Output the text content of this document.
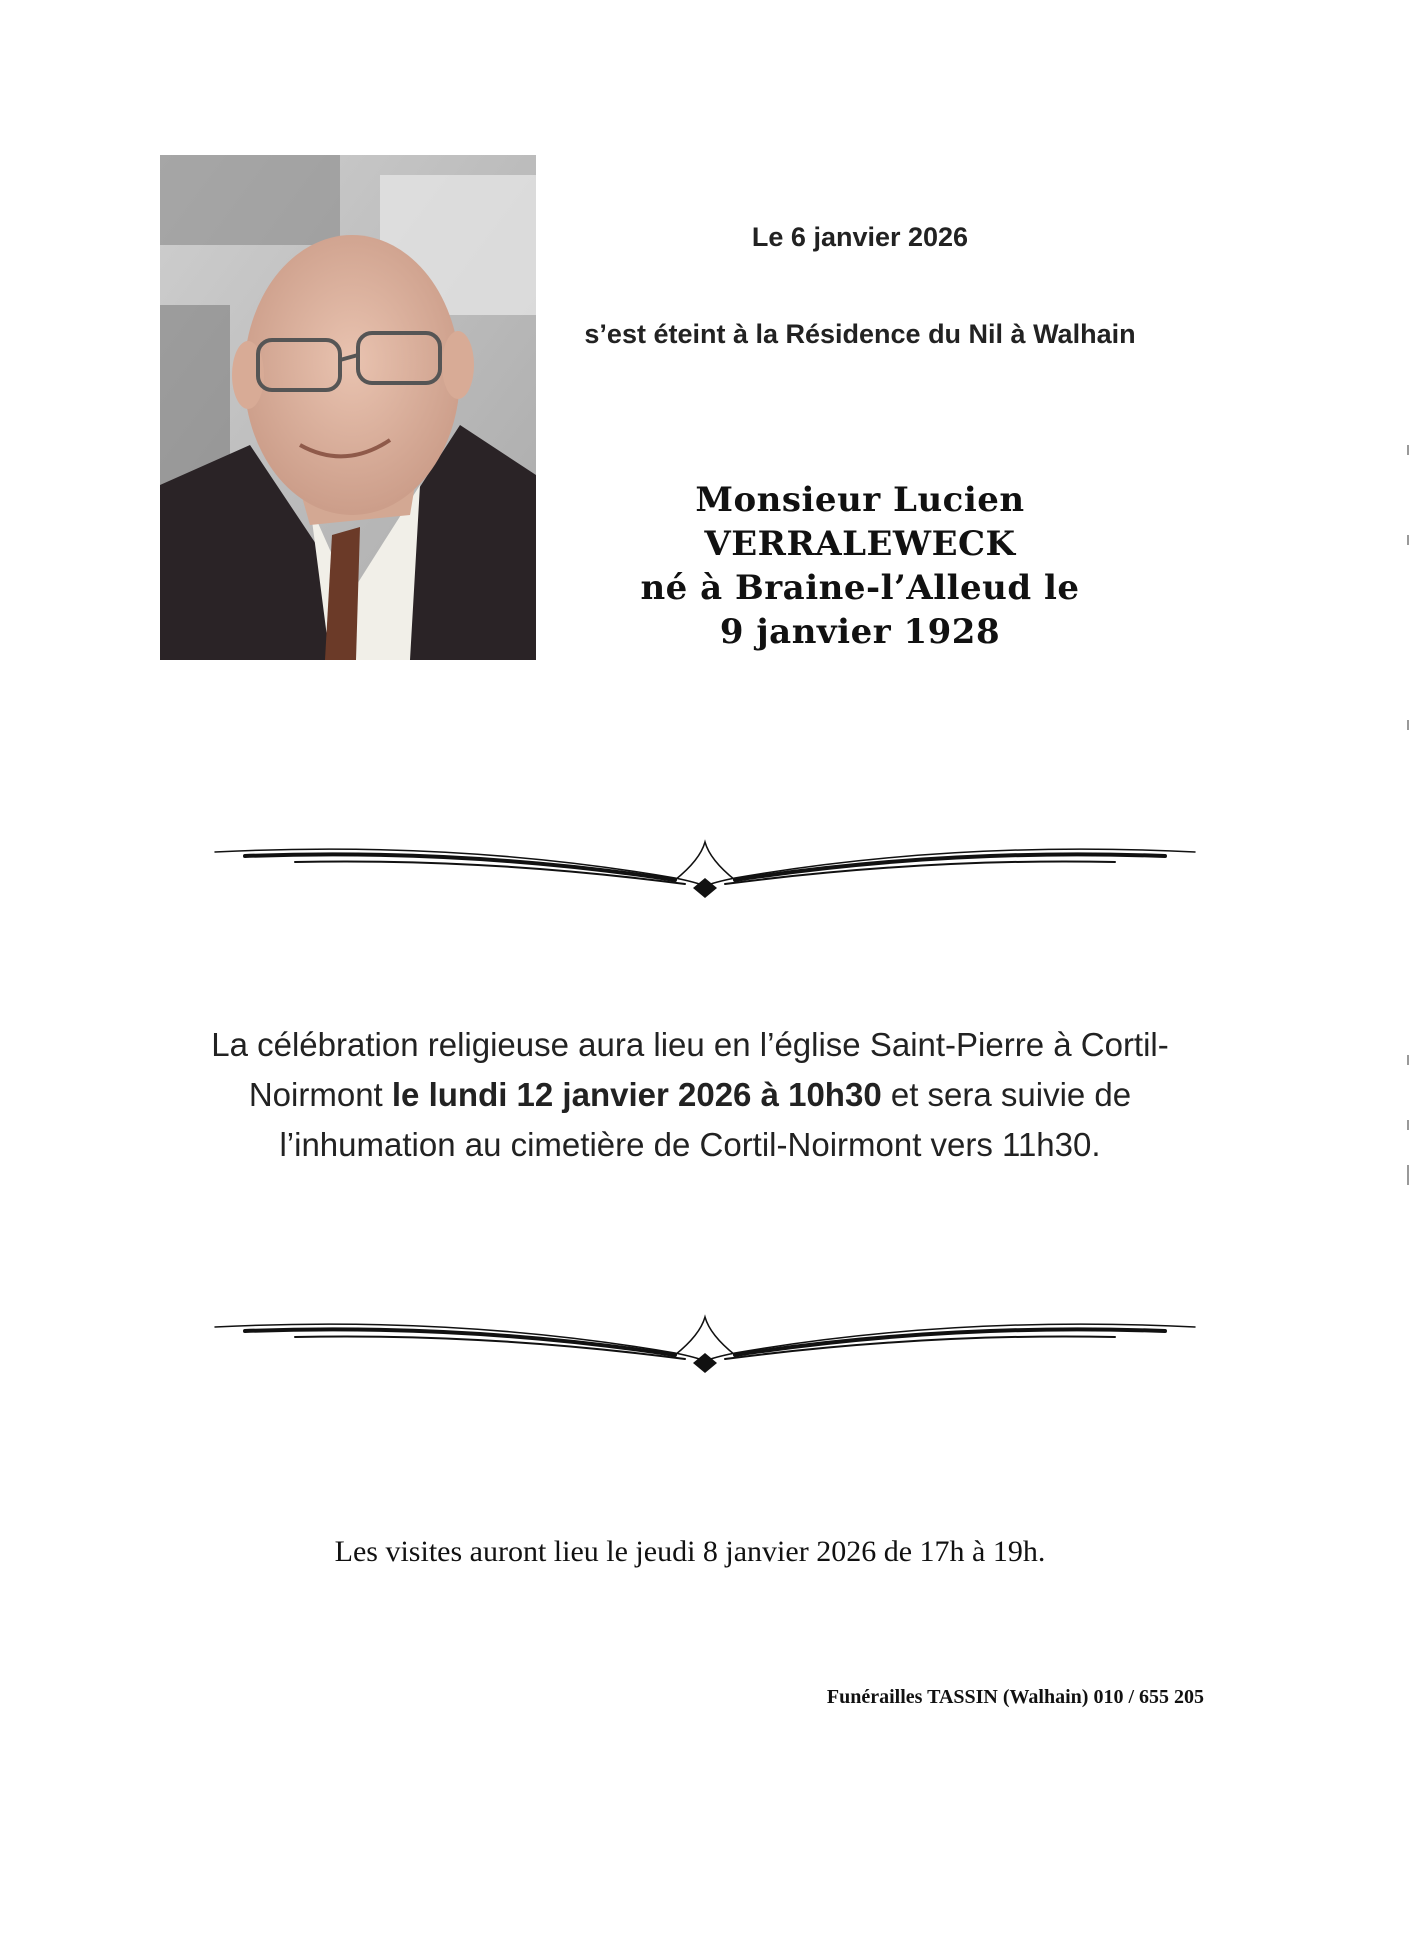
Le 6 janvier 2026
s’est éteint à la Résidence du Nil à Walhain
Monsieur Lucien
VERRALEWECK
né à Braine-l’Alleud le
9 janvier 1928
La célébration religieuse aura lieu en l’église Saint-Pierre à Cortil-Noirmont le lundi 12 janvier 2026 à 10h30 et sera suivie de l’inhumation au cimetière de Cortil-Noirmont vers 11h30.
Les visites auront lieu le jeudi 8 janvier 2026 de 17h à 19h.
Funérailles TASSIN (Walhain) 010 / 655 205
